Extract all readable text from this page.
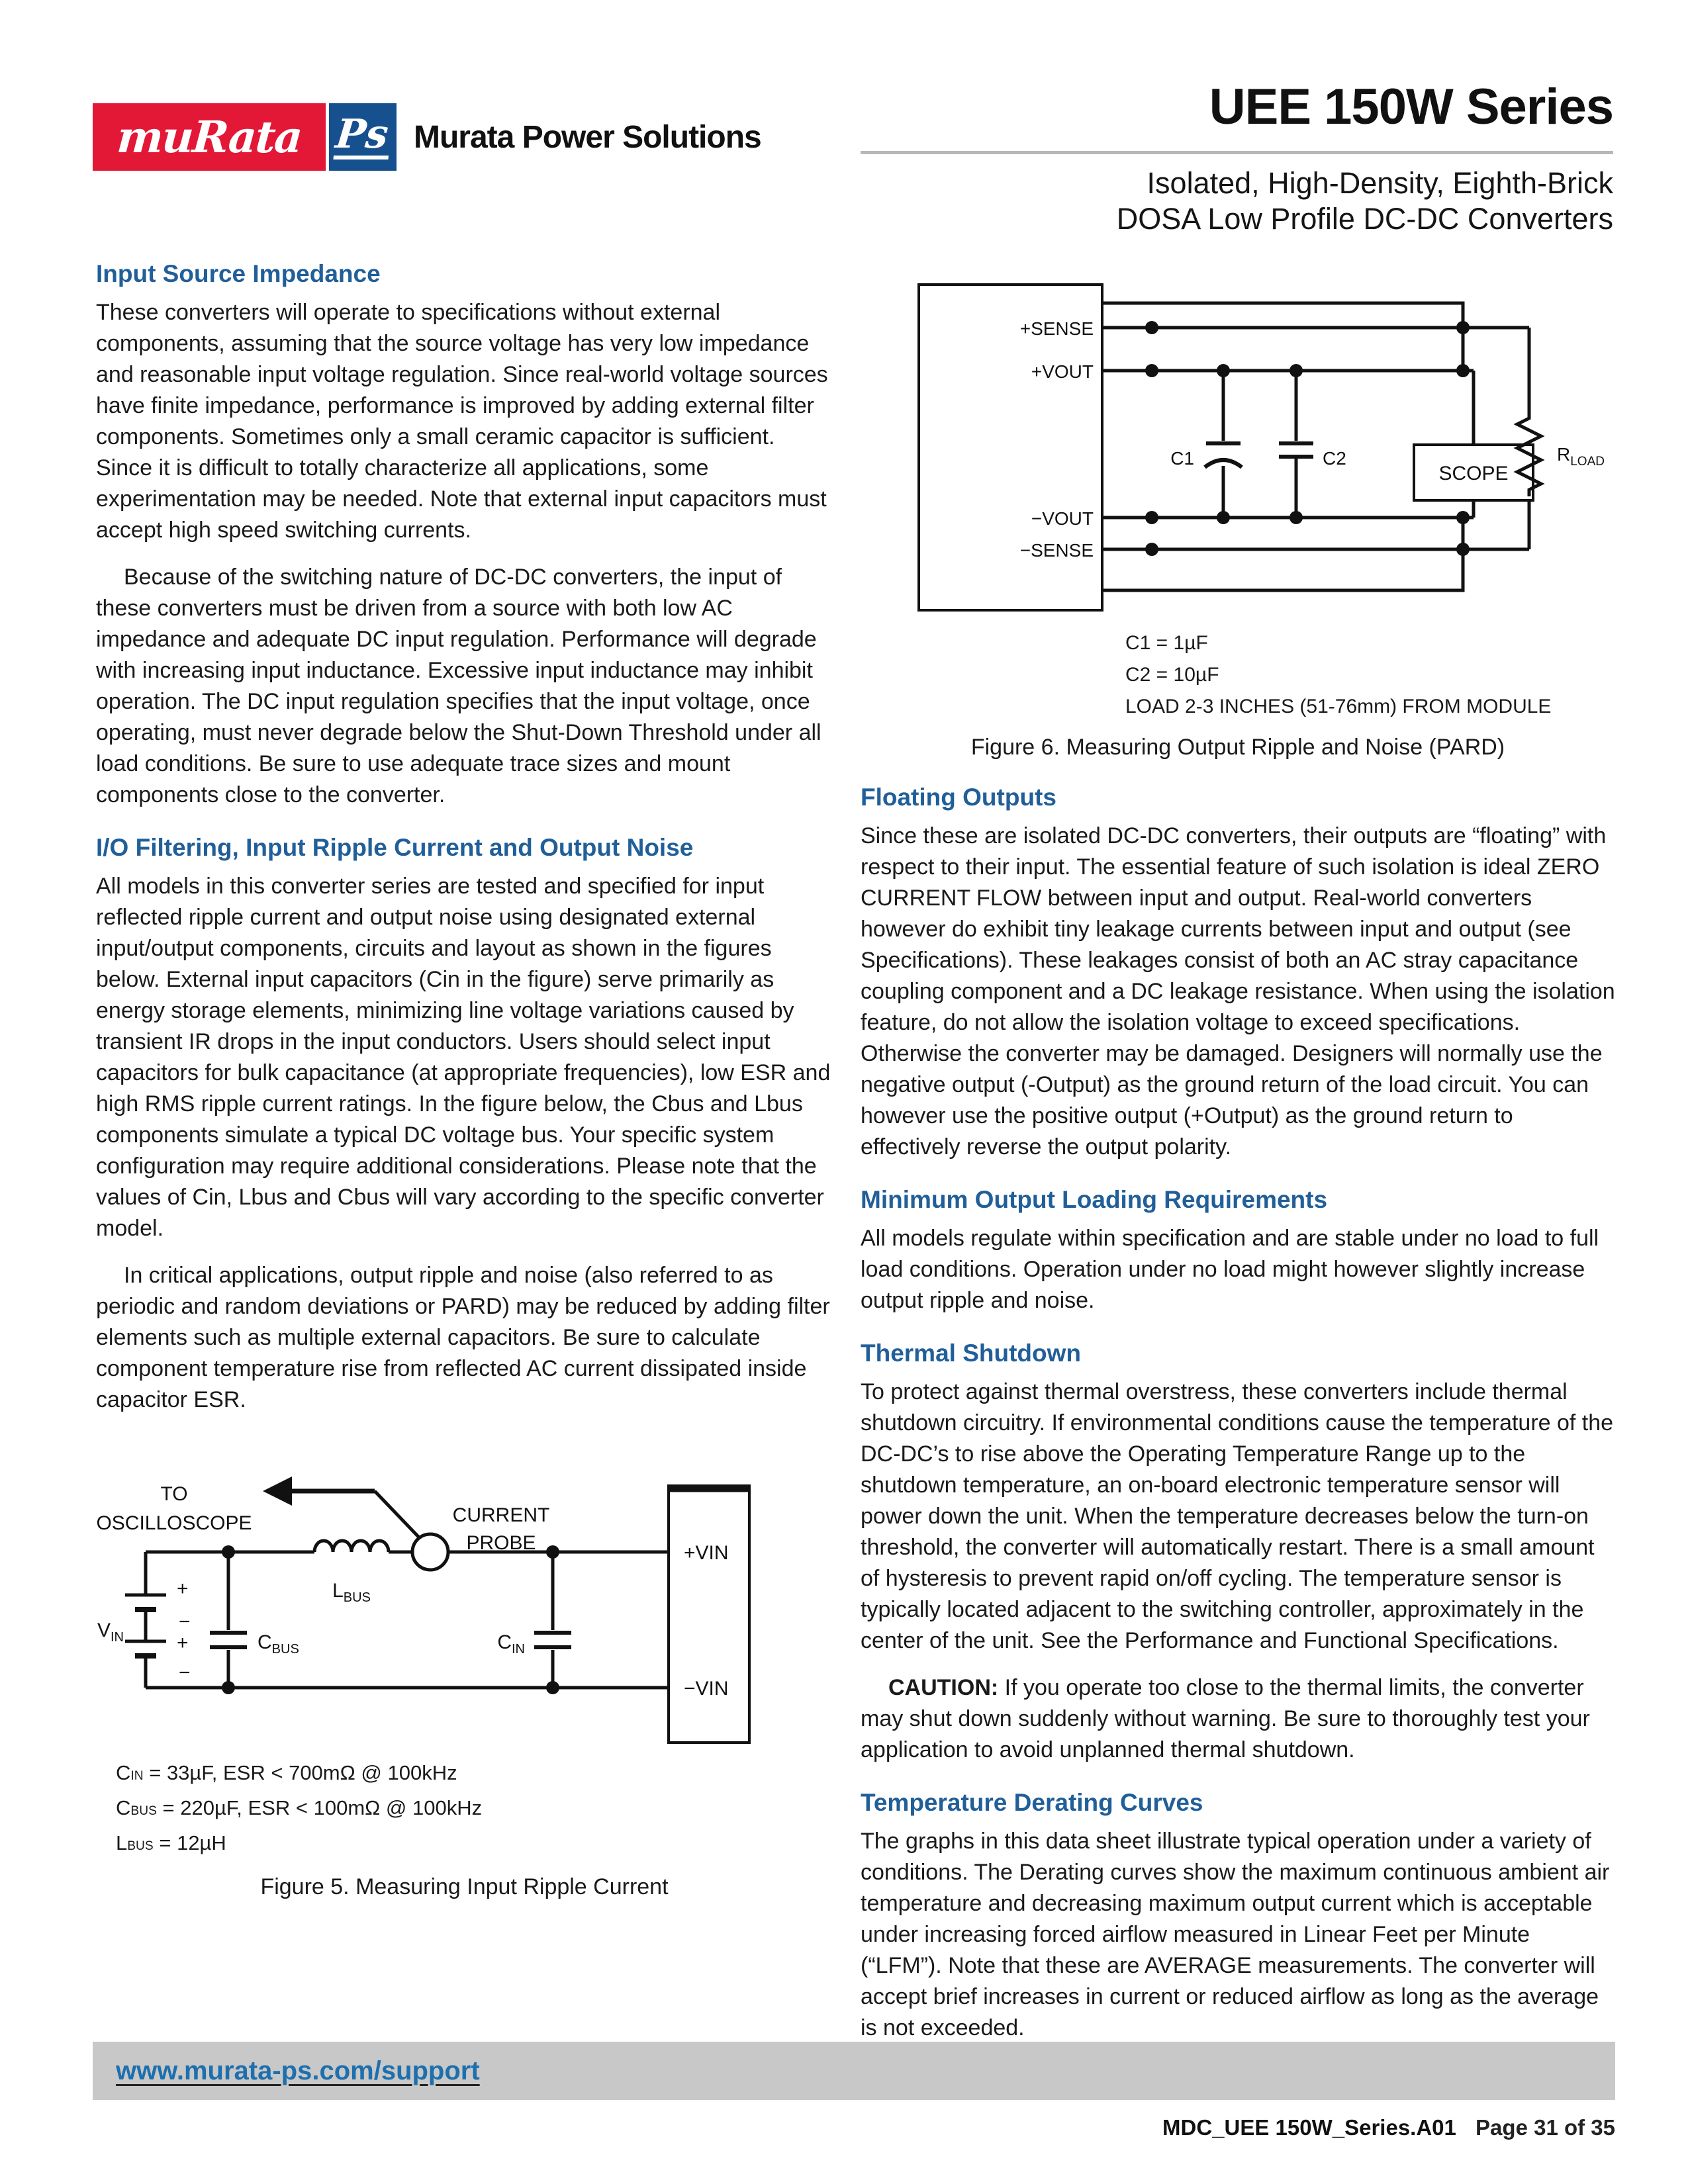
muRata Ps Murata Power Solutions
UEE 150W Series
Isolated, High-Density, Eighth-Brick
DOSA Low Profile DC-DC Converters
Input Source Impedance

These converters will operate to specifications without external components, assuming that the source voltage has very low impedance and reasonable input voltage regulation. Since real-world voltage sources have finite impedance, performance is improved by adding external filter components. Sometimes only a small ceramic capacitor is sufficient. Since it is difficult to totally characterize all applications, some experimentation may be needed. Note that external input capacitors must accept high speed switching currents.

Because of the switching nature of DC-DC converters, the input of these converters must be driven from a source with both low AC impedance and adequate DC input regulation. Performance will degrade with increasing input inductance. Excessive input inductance may inhibit operation. The DC input regulation specifies that the input voltage, once operating, must never degrade below the Shut-Down Threshold under all load conditions. Be sure to use adequate trace sizes and mount components close to the converter.

I/O Filtering, Input Ripple Current and Output Noise

All models in this converter series are tested and specified for input reflected ripple current and output noise using designated external input/output components, circuits and layout as shown in the figures below. External input capacitors (Cin in the figure) serve primarily as energy storage elements, minimizing line voltage variations caused by transient IR drops in the input conductors. Users should select input capacitors for bulk capacitance (at appropriate frequencies), low ESR and high RMS ripple current ratings. In the figure below, the Cbus and Lbus components simulate a typical DC voltage bus. Your specific system configuration may require additional considerations. Please note that the values of Cin, Lbus and Cbus will vary according to the specific converter model.

In critical applications, output ripple and noise (also referred to as periodic and random deviations or PARD) may be reduced by adding filter elements such as multiple external capacitors. Be sure to calculate component temperature rise from reflected AC current dissipated inside capacitor ESR.

+
−
+
−
$V_{IN}$	$C_{BUS}$
$L_{BUS}$
TO
OSCILLOSCOPE	CURRENT
PROBE
$C_{IN}$
+VIN
−VIN
CIN = 33µF, ESR < 700mΩ @ 100kHz
CBUS = 220µF, ESR < 100mΩ @ 100kHz
LBUS = 12µH
Figure 5. Measuring Input Ripple Current
+SENSE
+VOUT
−VOUT
−SENSE
C1	C2
SCOPE
$R_{LOAD}$
C1 = 1µF
C2 = 10µF
LOAD 2-3 INCHES (51-76mm) FROM MODULE
Figure 6. Measuring Output Ripple and Noise (PARD)
Floating Outputs

Since these are isolated DC-DC converters, their outputs are “floating” with respect to their input. The essential feature of such isolation is ideal ZERO CURRENT FLOW between input and output. Real-world converters however do exhibit tiny leakage currents between input and output (see Specifications). These leakages consist of both an AC stray capacitance coupling component and a DC leakage resistance. When using the isolation feature, do not allow the isolation voltage to exceed specifications. Otherwise the converter may be damaged. Designers will normally use the negative output (-Output) as the ground return of the load circuit. You can however use the positive output (+Output) as the ground return to effectively reverse the output polarity.

Minimum Output Loading Requirements

All models regulate within specification and are stable under no load to full load conditions. Operation under no load might however slightly increase output ripple and noise.

Thermal Shutdown

To protect against thermal overstress, these converters include thermal shutdown circuitry. If environmental conditions cause the temperature of the DC-DC’s to rise above the Operating Temperature Range up to the shutdown temperature, an on-board electronic temperature sensor will power down the unit. When the temperature decreases below the turn-on threshold, the converter will automatically restart. There is a small amount of hysteresis to prevent rapid on/off cycling. The temperature sensor is typically located adjacent to the switching controller, approximately in the center of the unit. See the Performance and Functional Specifications.

CAUTION: If you operate too close to the thermal limits, the converter may shut down suddenly without warning. Be sure to thoroughly test your application to avoid unplanned thermal shutdown.

Temperature Derating Curves

The graphs in this data sheet illustrate typical operation under a variety of conditions. The Derating curves show the maximum continuous ambient air temperature and decreasing maximum output current which is acceptable under increasing forced airflow measured in Linear Feet per Minute (“LFM”). Note that these are AVERAGE measurements. The converter will accept brief increases in current or reduced airflow as long as the average is not exceeded.

www.murata-ps.com/support
MDC_UEE 150W_Series.A01 Page 31 of 35
